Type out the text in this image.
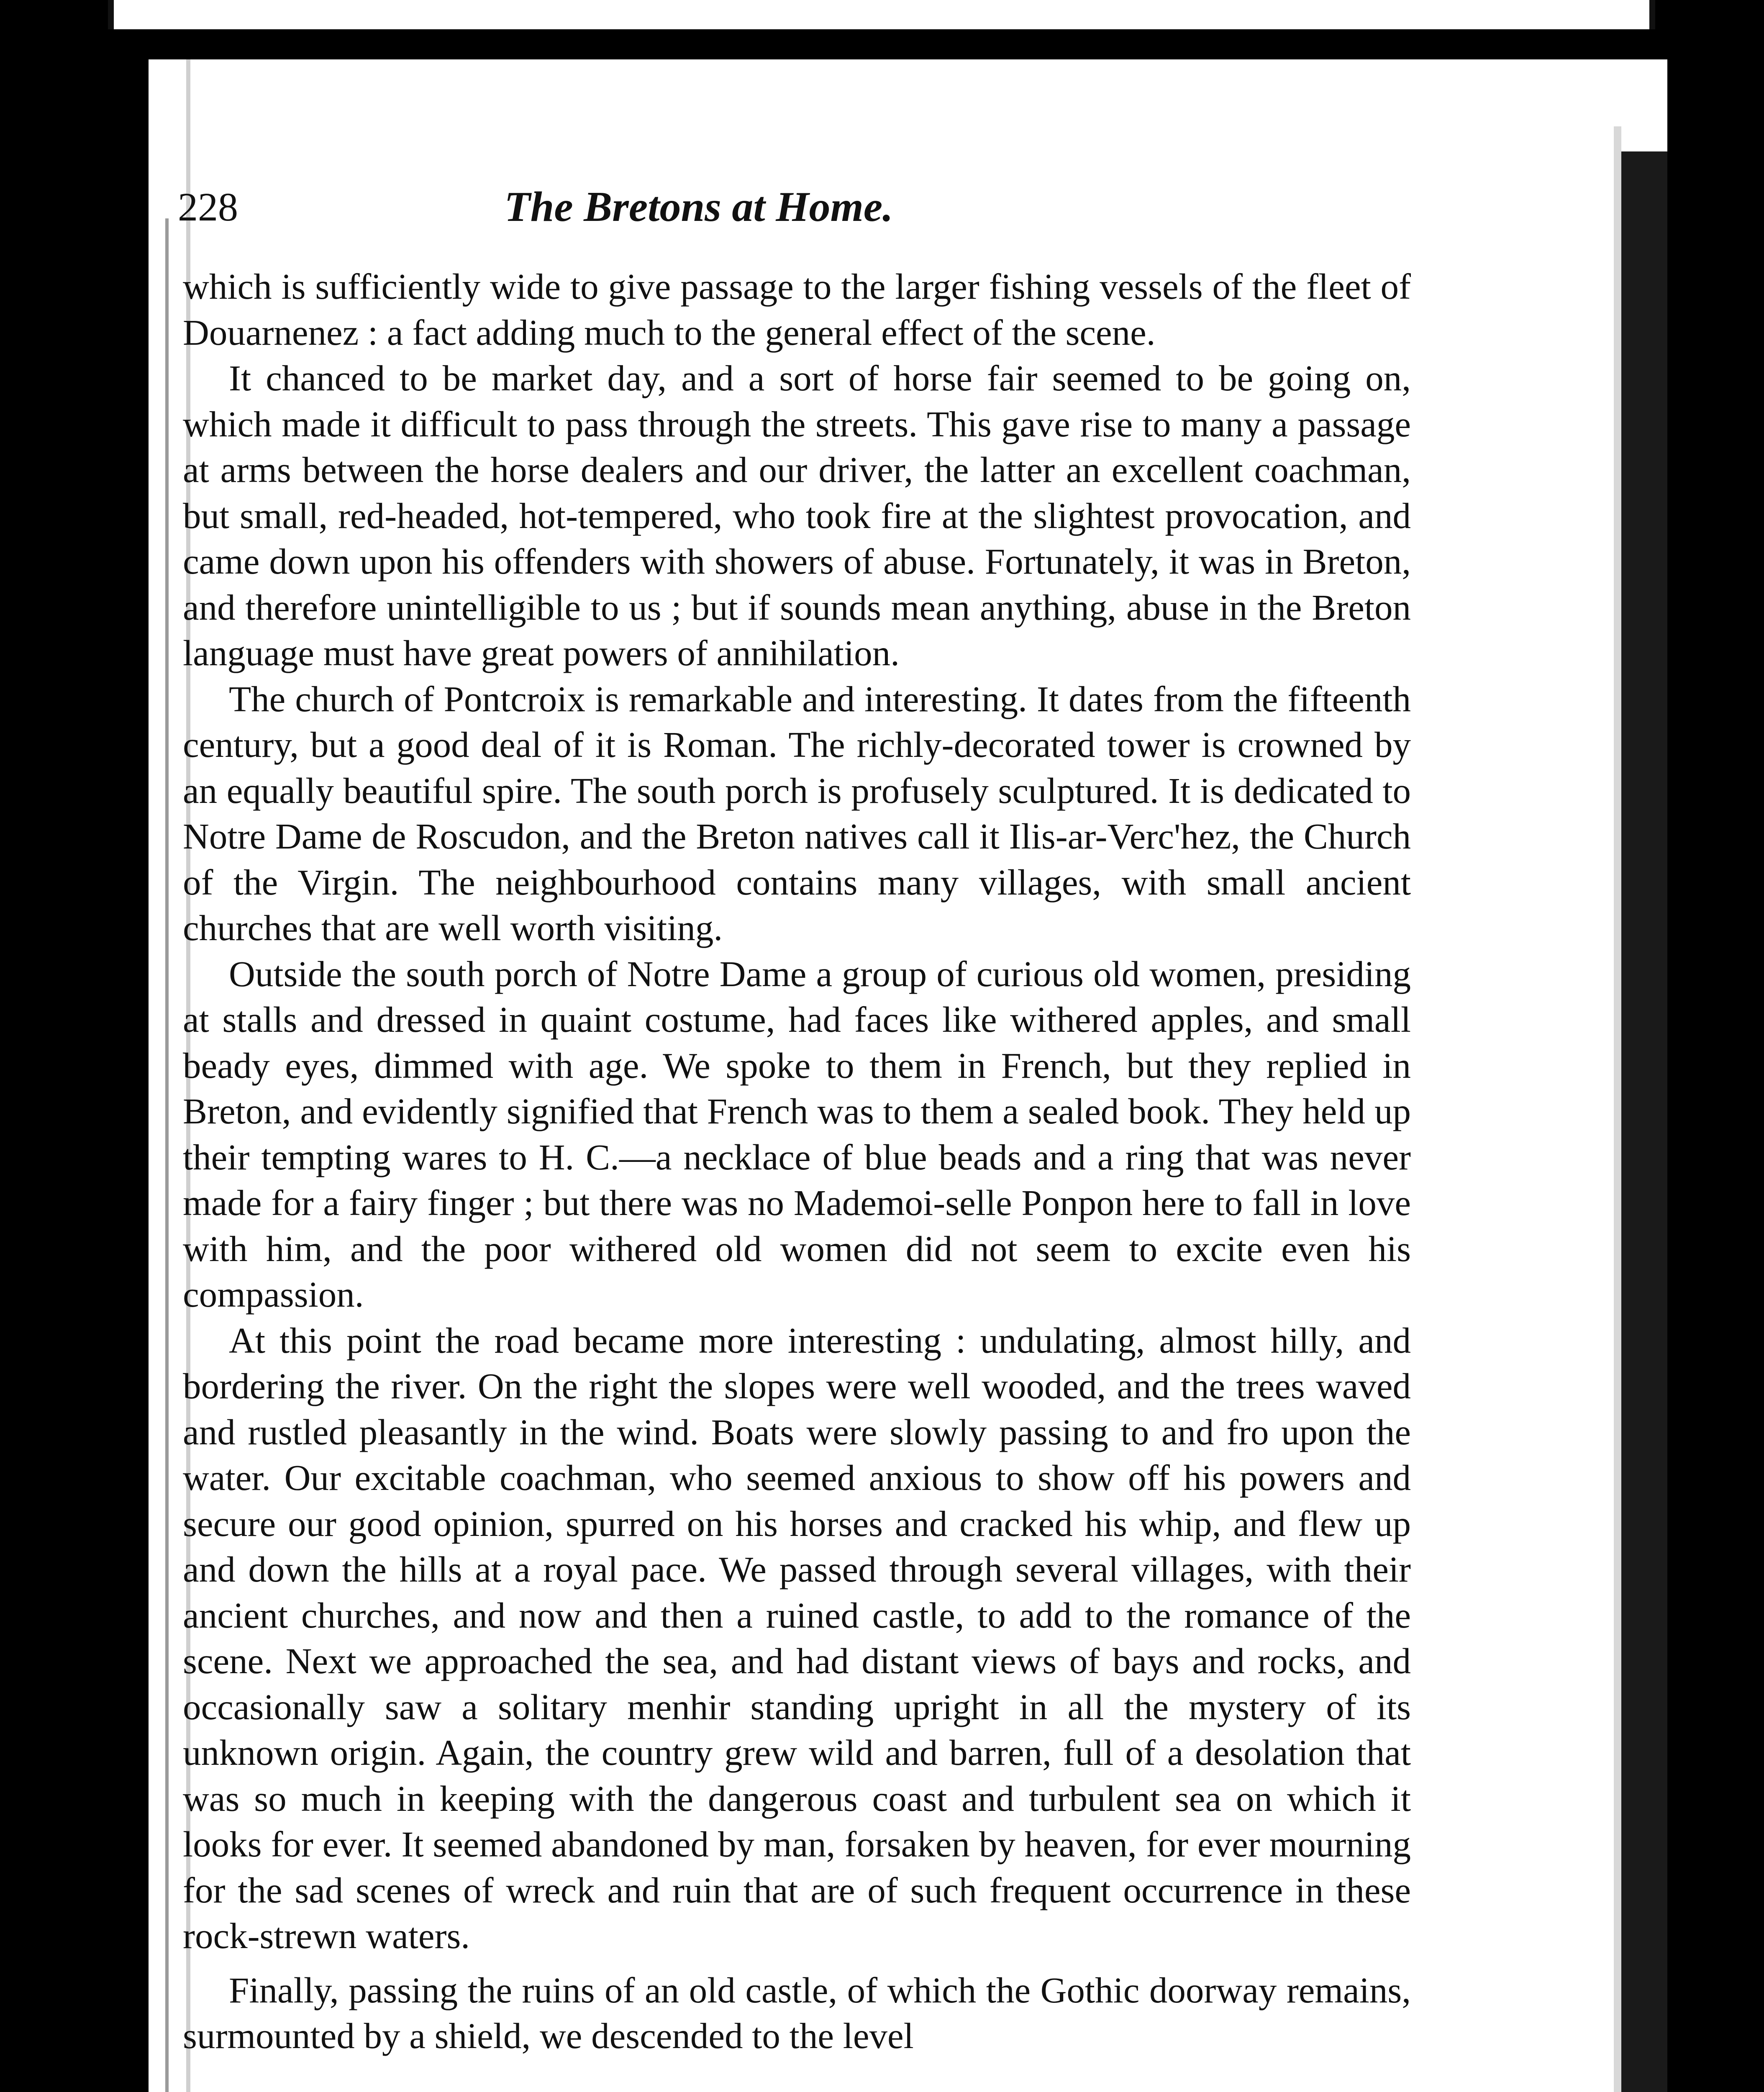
228	The Bretons at Home.

which is sufficiently wide to give passage to the larger fishing vessels of the fleet of Douarnenez : a fact adding much to the general effect of the scene.

It chanced to be market day, and a sort of horse fair seemed to be going on, which made it difficult to pass through the streets. This gave rise to many a passage at arms between the horse dealers and our driver, the latter an excellent coachman, but small, red-headed, hot-tempered, who took fire at the slightest provocation, and came down upon his offenders with showers of abuse. Fortunately, it was in Breton, and therefore unintelligible to us ; but if sounds mean anything, abuse in the Breton language must have great powers of annihilation.

The church of Pontcroix is remarkable and interesting. It dates from the fifteenth century, but a good deal of it is Roman. The richly-decorated tower is crowned by an equally beautiful spire. The south porch is profusely sculptured. It is dedicated to Notre Dame de Roscudon, and the Breton natives call it Ilis-ar-Verc'hez, the Church of the Virgin. The neighbourhood contains many villages, with small ancient churches that are well worth visiting.

Outside the south porch of Notre Dame a group of curious old women, presiding at stalls and dressed in quaint costume, had faces like withered apples, and small beady eyes, dimmed with age. We spoke to them in French, but they replied in Breton, and evidently signified that French was to them a sealed book. They held up their tempting wares to H. C.—a necklace of blue beads and a ring that was never made for a fairy finger ; but there was no Mademoi-selle Ponpon here to fall in love with him, and the poor withered old women did not seem to excite even his compassion.

At this point the road became more interesting : undulating, almost hilly, and bordering the river. On the right the slopes were well wooded, and the trees waved and rustled pleasantly in the wind. Boats were slowly passing to and fro upon the water. Our excitable coachman, who seemed anxious to show off his powers and secure our good opinion, spurred on his horses and cracked his whip, and flew up and down the hills at a royal pace. We passed through several villages, with their ancient churches, and now and then a ruined castle, to add to the romance of the scene. Next we approached the sea, and had distant views of bays and rocks, and occasionally saw a solitary menhir standing upright in all the mystery of its unknown origin. Again, the country grew wild and barren, full of a desolation that was so much in keeping with the dangerous coast and turbulent sea on which it looks for ever. It seemed abandoned by man, forsaken by heaven, for ever mourning for the sad scenes of wreck and ruin that are of such frequent occurrence in these rock-strewn waters.

Finally, passing the ruins of an old castle, of which the Gothic doorway remains, surmounted by a shield, we descended to the level
